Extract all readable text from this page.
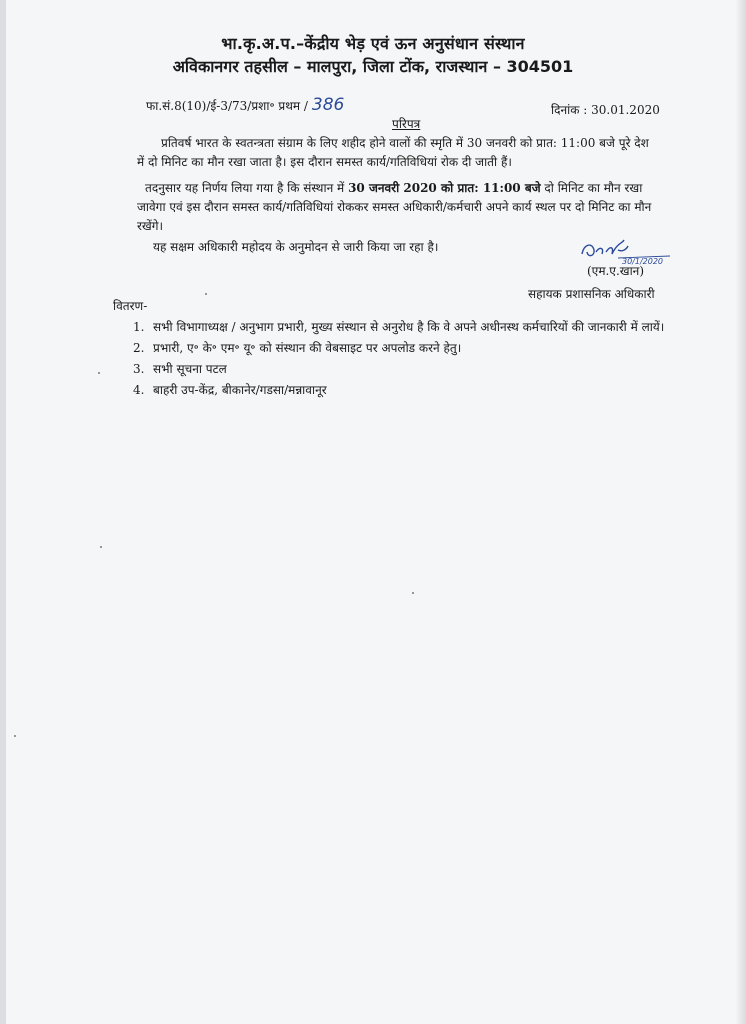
भा.कृ.अ.प.–केंद्रीय भेड़ एवं ऊन अनुसंधान संस्थान
अविकानगर तहसील – मालपुरा, जिला टोंक, राजस्थान – 304501
फा.सं.8(10)/ई-3/73/प्रशा॰ प्रथम / 386	दिनांक : 30.01.2020
परिपत्र
प्रतिवर्ष भारत के स्वतन्त्रता संग्राम के लिए शहीद होने वालों की स्मृति में 30 जनवरी को प्रात: 11:00 बजे पूरे देश में दो मिनिट का मौन रखा जाता है। इस दौरान समस्त कार्य/गतिविधियां रोक दी जाती हैं।
तदनुसार यह निर्णय लिया गया है कि संस्थान में 30 जनवरी 2020 को प्रात: 11:00 बजे दो मिनिट का मौन रखा जावेगा एवं इस दौरान समस्त कार्य/गतिविधियां रोककर समस्त अधिकारी/कर्मचारी अपने कार्य स्थल पर दो मिनिट का मौन रखेंगे।
यह सक्षम अधिकारी महोदय के अनुमोदन से जारी किया जा रहा है।
30/1/2020
(एम.ए.खान)
सहायक प्रशासनिक अधिकारी
वितरण-
1. सभी विभागाध्यक्ष / अनुभाग प्रभारी, मुख्य संस्थान से अनुरोध है कि वे अपने अधीनस्थ कर्मचारियों की जानकारी में लायें।
2. प्रभारी, ए॰ के॰ एम॰ यू॰ को संस्थान की वेबसाइट पर अपलोड करने हेतु।
3. सभी सूचना पटल
4. बाहरी उप-केंद्र, बीकानेर/गडसा/मन्नावानूर
